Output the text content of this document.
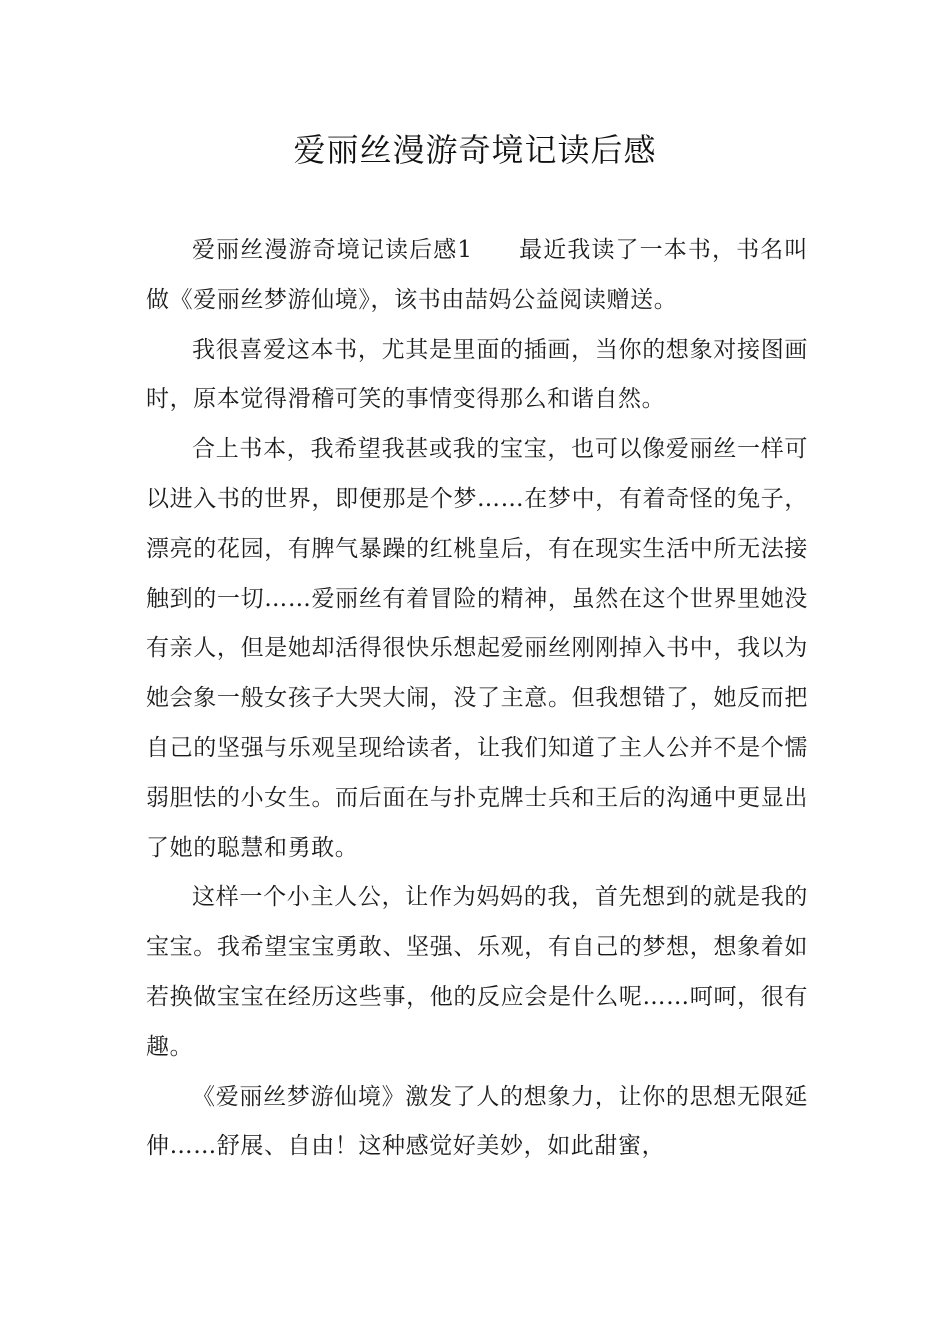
爱丽丝漫游奇境记读后感

爱丽丝漫游奇境记读后感1 最近我读了一本书，书名叫做《爱丽丝梦游仙境》，该书由喆妈公益阅读赠送。

我很喜爱这本书，尤其是里面的插画，当你的想象对接图画时，原本觉得滑稽可笑的事情变得那么和谐自然。

合上书本，我希望我甚或我的宝宝，也可以像爱丽丝一样可以进入书的世界，即便那是个梦……在梦中，有着奇怪的兔子，漂亮的花园，有脾气暴躁的红桃皇后，有在现实生活中所无法接触到的一切……爱丽丝有着冒险的精神，虽然在这个世界里她没有亲人，但是她却活得很快乐想起爱丽丝刚刚掉入书中，我以为她会象一般女孩子大哭大闹，没了主意。但我想错了，她反而把自己的坚强与乐观呈现给读者，让我们知道了主人公并不是个懦弱胆怯的小女生。而后面在与扑克牌士兵和王后的沟通中更显出了她的聪慧和勇敢。

这样一个小主人公，让作为妈妈的我，首先想到的就是我的宝宝。我希望宝宝勇敢、坚强、乐观，有自己的梦想，想象着如若换做宝宝在经历这些事，他的反应会是什么呢……呵呵，很有趣。

《爱丽丝梦游仙境》激发了人的想象力，让你的思想无限延伸……舒展、自由！这种感觉好美妙，如此甜蜜，
